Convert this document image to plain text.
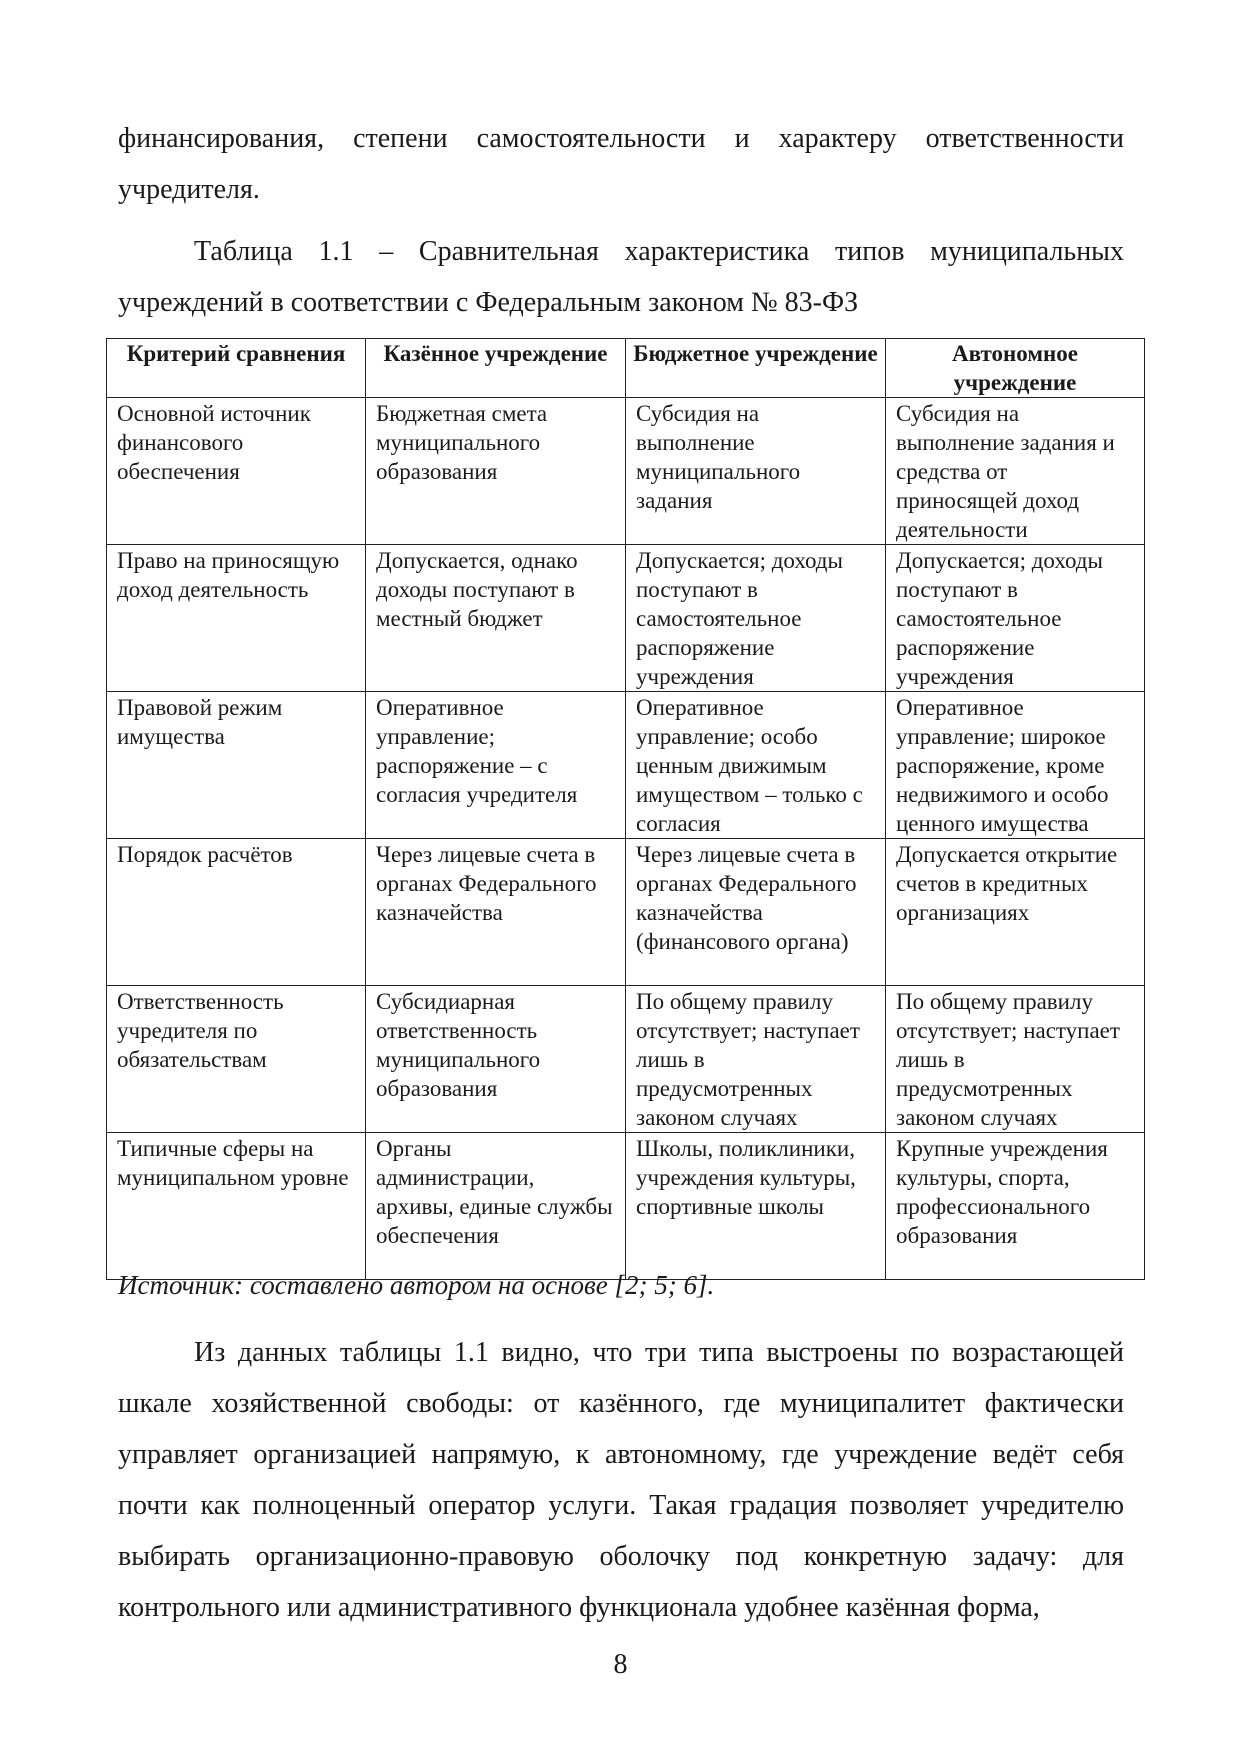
финансирования, степени самостоятельности и характеру ответственности учредителя.

Таблица 1.1 – Сравнительная характеристика типов муниципальных учреждений в соответствии с Федеральным законом № 83-ФЗ

Критерий сравнения	Казённое учреждение	Бюджетное учреждение	Автономное учреждение
Основной источник финансового обеспечения	Бюджетная смета муниципального образования	Субсидия на выполнение муниципального задания	Субсидия на выполнение задания и средства от приносящей доход деятельности
Право на приносящую доход деятельность	Допускается, однако доходы поступают в местный бюджет	Допускается; доходы поступают в самостоятельное распоряжение учреждения	Допускается; доходы поступают в самостоятельное распоряжение учреждения
Правовой режим имущества	Оперативное управление; распоряжение – с согласия учредителя	Оперативное управление; особо ценным движимым имуществом – только с согласия	Оперативное управление; широкое распоряжение, кроме недвижимого и особо ценного имущества
Порядок расчётов	Через лицевые счета в органах Федерального казначейства	Через лицевые счета в органах Федерального казначейства (финансового органа)	Допускается открытие счетов в кредитных организациях
Ответственность учредителя по обязательствам	Субсидиарная ответственность муниципального образования	По общему правилу отсутствует; наступает лишь в предусмотренных законом случаях	По общему правилу отсутствует; наступает лишь в предусмотренных законом случаях
Типичные сферы на муниципальном уровне	Органы администрации, архивы, единые службы обеспечения	Школы, поликлиники, учреждения культуры, спортивные школы	Крупные учреждения культуры, спорта, профессионального образования

Источник: составлено автором на основе [2; 5; 6].

Из данных таблицы 1.1 видно, что три типа выстроены по возрастающей шкале хозяйственной свободы: от казённого, где муниципалитет фактически управляет организацией напрямую, к автономному, где учреждение ведёт себя почти как полноценный оператор услуги. Такая градация позволяет учредителю выбирать организационно-правовую оболочку под конкретную задачу: для контрольного или административного функционала удобнее казённая форма,

8
